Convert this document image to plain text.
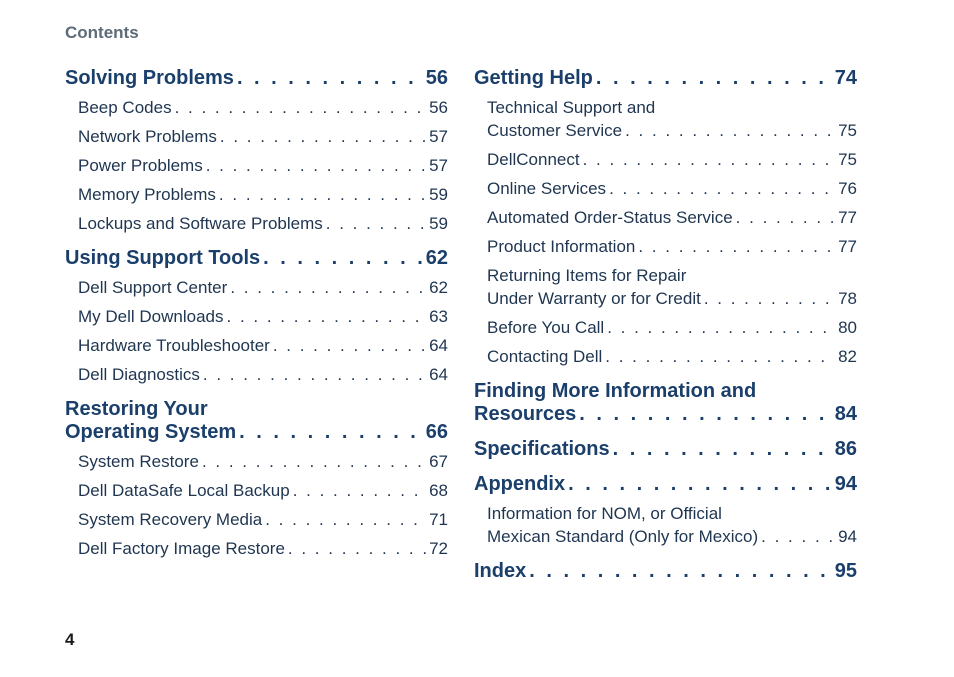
Contents
Solving Problems . . .	56
Beep Codes . . .	56
Network Problems . . .	57
Power Problems . . .	57
Memory Problems . . .	59
Lockups and Software Problems . . .	59
Using Support Tools . . .	62
Dell Support Center . . .	62
My Dell Downloads . . .	63
Hardware Troubleshooter . . .	64
Dell Diagnostics . . .	64
Restoring Your
Operating System . . .	66
System Restore . . .	67
Dell DataSafe Local Backup . . .	68
System Recovery Media . . .	71
Dell Factory Image Restore . . .	72
Getting Help . . .	74
Technical Support and
Customer Service . . .	75
DellConnect . . .	75
Online Services . . .	76
Automated Order-Status Service . . .	77
Product Information . . .	77
Returning Items for Repair
Under Warranty or for Credit . . .	78
Before You Call . . .	80
Contacting Dell . . .	82
Finding More Information and
Resources . . .	84
Specifications . . .	86
Appendix . . .	94
Information for NOM, or Official
Mexican Standard (Only for Mexico) . . .	94
Index . . .	95
4
